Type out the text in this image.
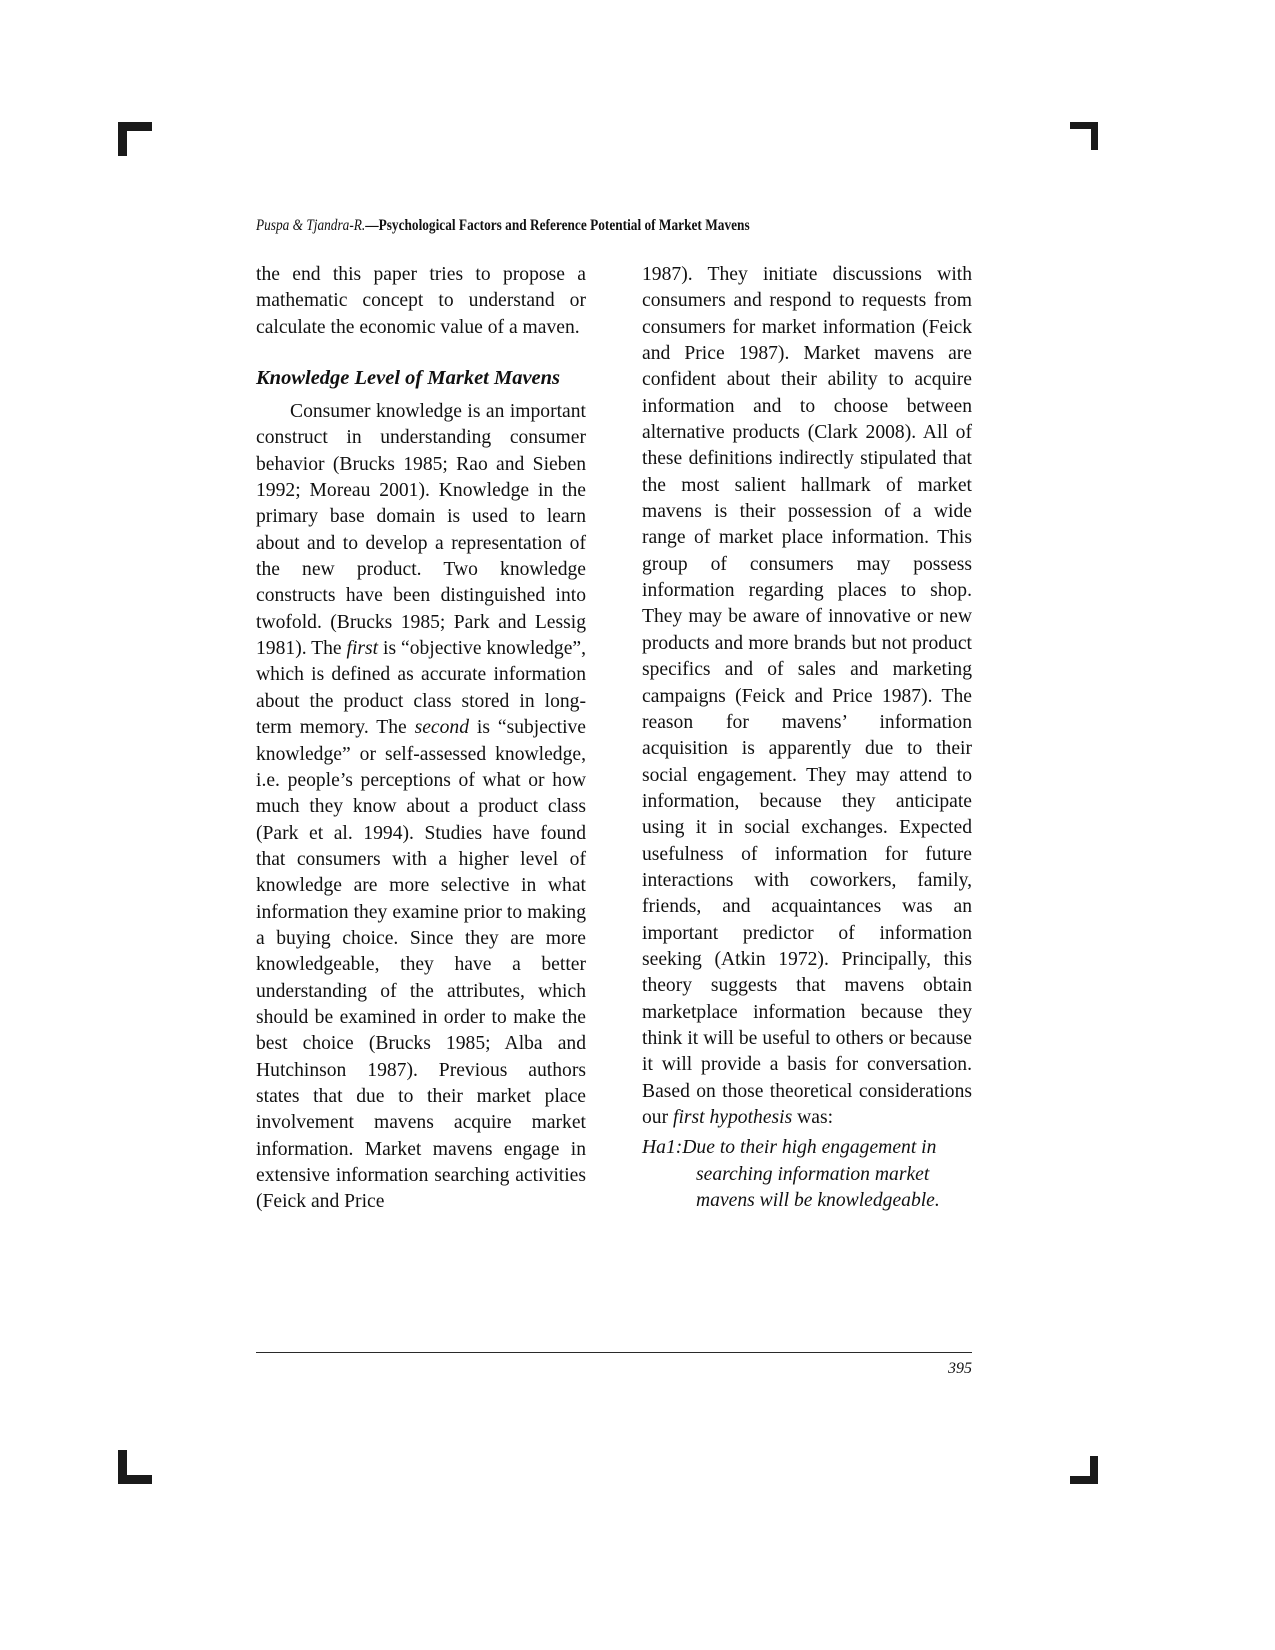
Puspa & Tjandra-R.—Psychological Factors and Reference Potential of Market Mavens

the end this paper tries to propose a mathematic concept to understand or calculate the economic value of a maven.

Knowledge Level of Market Mavens

Consumer knowledge is an important construct in understanding consumer behavior (Brucks 1985; Rao and Sieben 1992; Moreau 2001). Knowledge in the primary base domain is used to learn about and to develop a representation of the new product. Two knowledge constructs have been distinguished into twofold. (Brucks 1985; Park and Lessig 1981). The first is “objective knowledge”, which is defined as accurate information about the product class stored in long-term memory. The second is “subjective knowledge” or self-assessed knowledge, i.e. people’s perceptions of what or how much they know about a product class (Park et al. 1994). Studies have found that consumers with a higher level of knowledge are more selective in what information they examine prior to making a buying choice. Since they are more knowledgeable, they have a better understanding of the attributes, which should be examined in order to make the best choice (Brucks 1985; Alba and Hutchinson 1987). Previous authors states that due to their market place involvement mavens acquire market information. Market mavens engage in extensive information searching activities (Feick and Price

1987). They initiate discussions with consumers and respond to requests from consumers for market information (Feick and Price 1987). Market mavens are confident about their ability to acquire information and to choose between alternative products (Clark 2008). All of these definitions indirectly stipulated that the most salient hallmark of market mavens is their possession of a wide range of market place information. This group of consumers may possess information regarding places to shop. They may be aware of innovative or new products and more brands but not product specifics and of sales and marketing campaigns (Feick and Price 1987). The reason for mavens’ information acquisition is apparently due to their social engagement. They may attend to information, because they anticipate using it in social exchanges. Expected usefulness of information for future interactions with coworkers, family, friends, and acquaintances was an important predictor of information seeking (Atkin 1972). Principally, this theory suggests that mavens obtain marketplace information because they think it will be useful to others or because it will provide a basis for conversation. Based on those theoretical considerations our first hypothesis was:

Ha1:Due to their high engagement in
searching information market
mavens will be knowledgeable.
395
